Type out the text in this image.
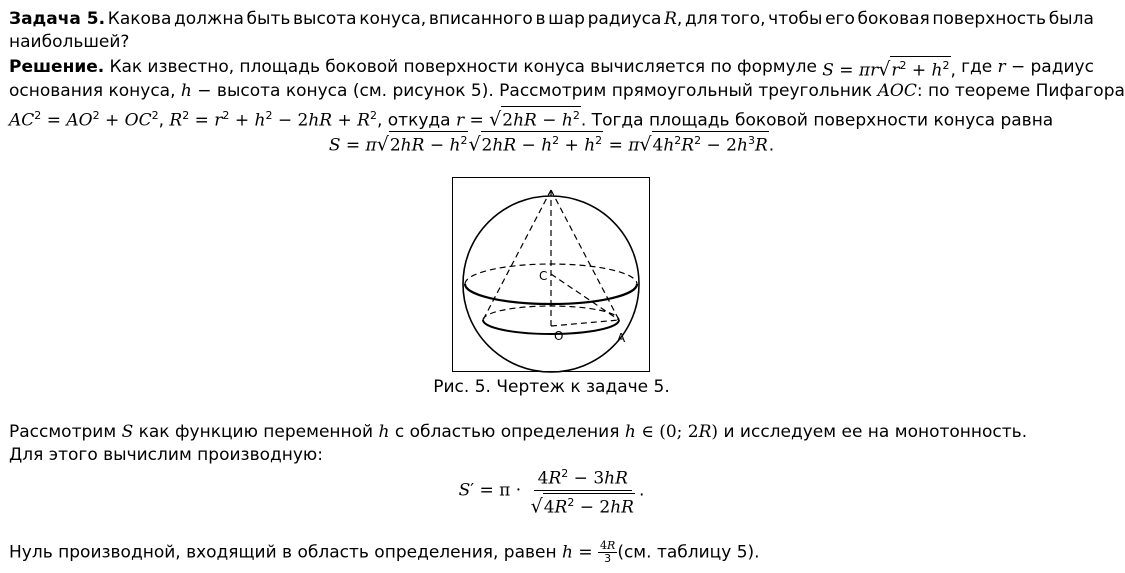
Задача 5. Какова должна быть высота конуса, вписанного в шар радиуса R, для того, чтобы его боковая поверхность была
наибольшей?
Решение. Как известно, площадь боковой поверхности конуса вычисляется по формуле $S = \pi r√r^2 + h^2$, где r − радиус
основания конуса, h − высота конуса (см. рисунок 5). Рассмотрим прямоугольный треугольник AOC: по теореме Пифагора
$AC^2 = AO^2 + OC^2$, $R^2 = r^2 + h^2 - 2hR + R^2$, откуда $r = √2hR - h^2$. Тогда площадь боковой поверхности конуса равна
$S = \pi√2hR - h^2√2hR - h^2 + h^2 = \pi√4h^2R^2 - 2h^3R$.
C
O	A
Рис. 5. Чертеж к задаче 5.
Рассмотрим S как функцию переменной h с областью определения h ∈ (0; 2R) и исследуем ее на монотонность.
Для этого вычислим производную:
$S' = \pi \cdot \frac{4R^2 - 3hR}{√4R^2 - 2hR}$ .
Нуль производной, входящий в область определения, равен $h = \frac{4R}{3} (см$. таблицу 5).
